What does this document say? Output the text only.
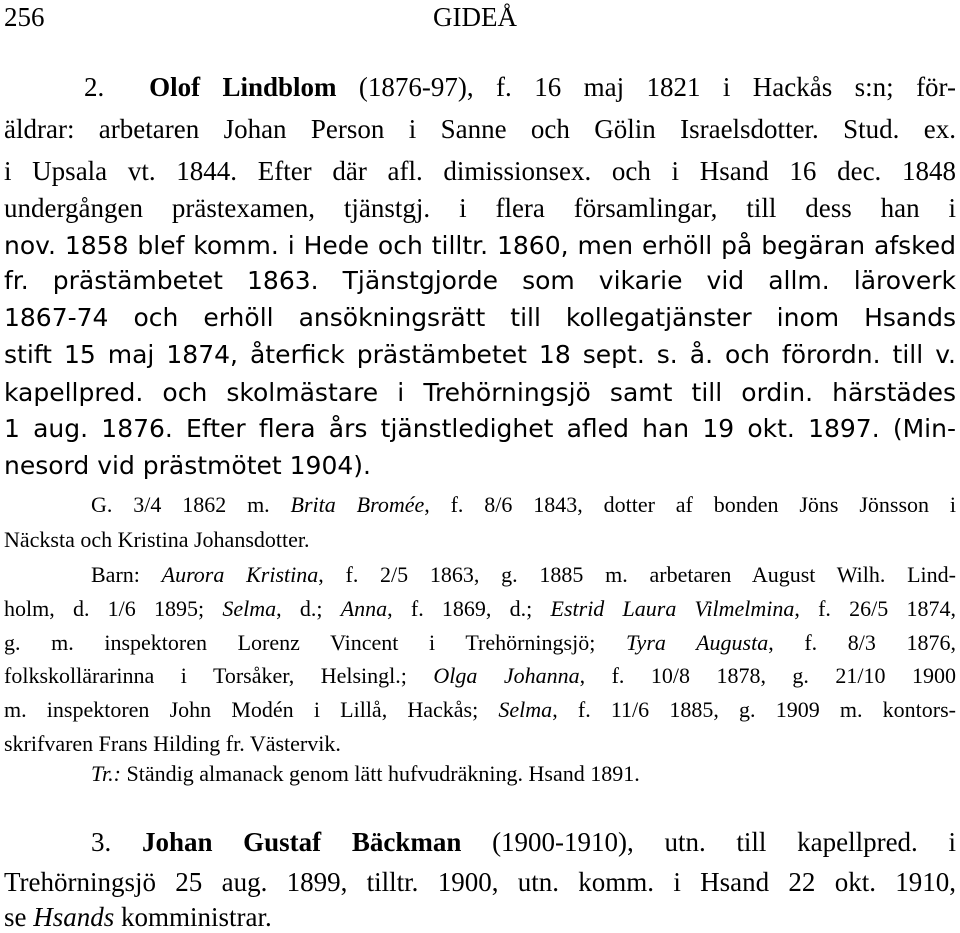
256	GIDEÅ
2. Olof Lindblom (1876-97), f. 16 maj 1821 i Hackås s:n; för-
äldrar: arbetaren Johan Person i Sanne och Gölin Israelsdotter. Stud. ex.
i Upsala vt. 1844. Efter där afl. dimissionsex. och i Hsand 16 dec. 1848
undergången prästexamen, tjänstgj. i flera församlingar, till dess han i
nov. 1858 blef komm. i Hede och tilltr. 1860, men erhöll på begäran afsked
fr. prästämbetet 1863. Tjänstgjorde som vikarie vid allm. läroverk
1867-74 och erhöll ansökningsrätt till kollegatjänster inom Hsands
stift 15 maj 1874, återfick prästämbetet 18 sept. s. å. och förordn. till v.
kapellpred. och skolmästare i Trehörningsjö samt till ordin. härstädes
1 aug. 1876. Efter flera års tjänstledighet afled han 19 okt. 1897. (Min-
nesord vid prästmötet 1904).
G. 3/4 1862 m. Brita Bromée, f. 8/6 1843, dotter af bonden Jöns Jönsson i
Näcksta och Kristina Johansdotter.
Barn: Aurora Kristina, f. 2/5 1863, g. 1885 m. arbetaren August Wilh. Lind-
holm, d. 1/6 1895; Selma, d.; Anna, f. 1869, d.; Estrid Laura Vilmelmina, f. 26/5 1874,
g. m. inspektoren Lorenz Vincent i Trehörningsjö; Tyra Augusta, f. 8/3 1876,
folkskollärarinna i Torsåker, Helsingl.; Olga Johanna, f. 10/8 1878, g. 21/10 1900
m. inspektoren John Modén i Lillå, Hackås; Selma, f. 11/6 1885, g. 1909 m. kontors-
skrifvaren Frans Hilding fr. Västervik.
Tr.: Ständig almanack genom lätt hufvudräkning. Hsand 1891.
3. Johan Gustaf Bäckman (1900-1910), utn. till kapellpred. i
Trehörningsjö 25 aug. 1899, tilltr. 1900, utn. komm. i Hsand 22 okt. 1910,
se Hsands komministrar.
